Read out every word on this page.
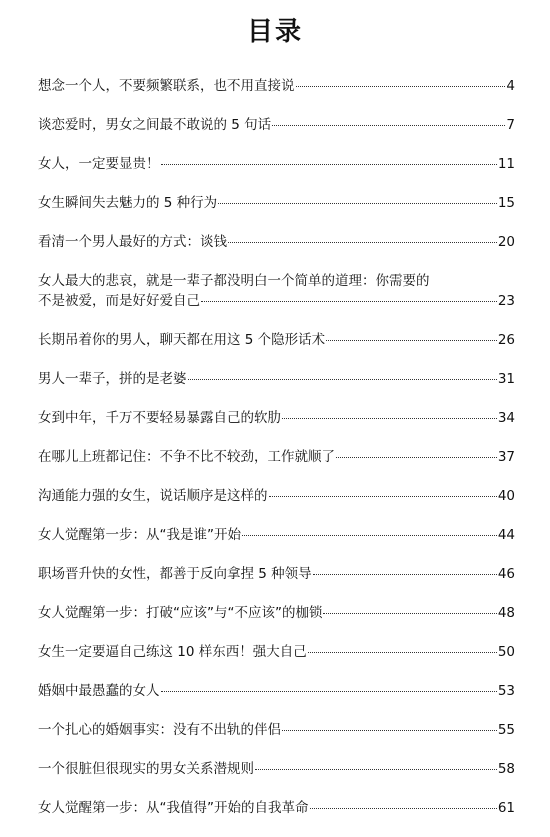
目录
想念一个人，不要频繁联系，也不用直接说	4
谈恋爱时，男女之间最不敢说的 5 句话	7
女人，一定要显贵！	11
女生瞬间失去魅力的 5 种行为	15
看清一个男人最好的方式：谈钱	20
女人最大的悲哀，就是一辈子都没明白一个简单的道理：你需要的
不是被爱，而是好好爱自己	23
长期吊着你的男人，聊天都在用这 5 个隐形话术	26
男人一辈子，拼的是老婆	31
女到中年，千万不要轻易暴露自己的软肋	34
在哪儿上班都记住：不争不比不较劲，工作就顺了	37
沟通能力强的女生，说话顺序是这样的	40
女人觉醒第一步：从“我是谁”开始	44
职场晋升快的女性，都善于反向拿捏 5 种领导	46
女人觉醒第一步：打破“应该”与“不应该”的枷锁	48
女生一定要逼自己练这 10 样东西！强大自己	50
婚姻中最愚蠢的女人	53
一个扎心的婚姻事实：没有不出轨的伴侣	55
一个很脏但很现实的男女关系潜规则	58
女人觉醒第一步：从“我值得”开始的自我革命	61
